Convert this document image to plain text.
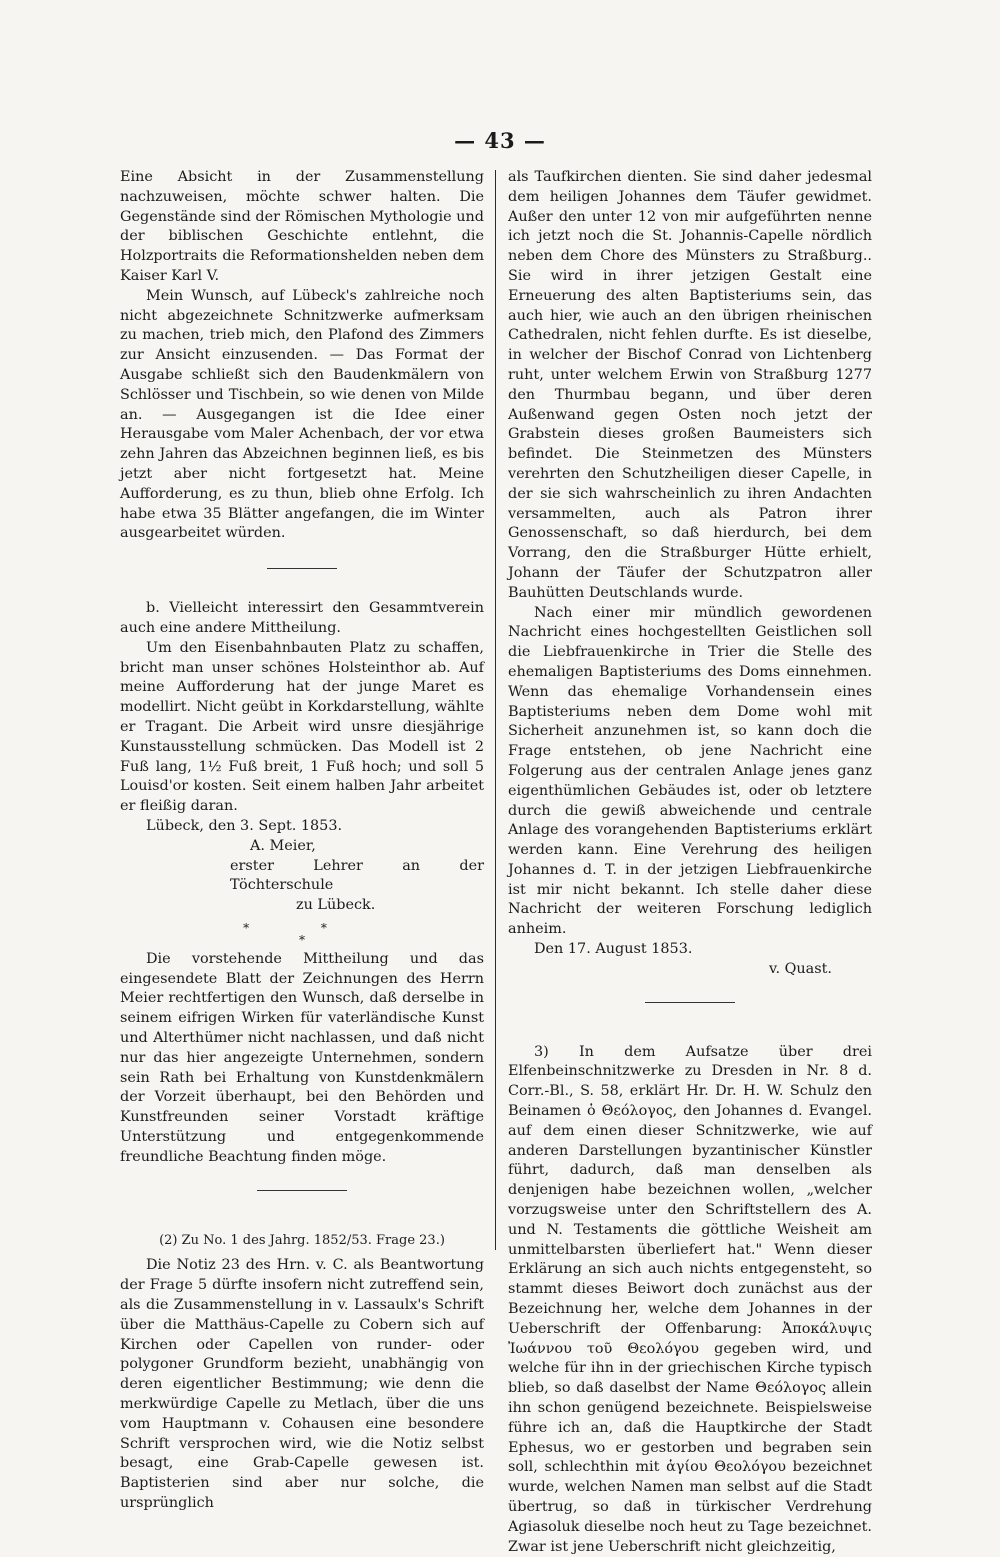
— 43 —

Eine Absicht in der Zusammenstellung nachzuweisen, möchte schwer halten. Die Gegenstände sind der Römischen Mythologie und der biblischen Geschichte entlehnt, die Holzportraits die Reformationshelden neben dem Kaiser Karl V.

Mein Wunsch, auf Lübeck's zahlreiche noch nicht abgezeichnete Schnitzwerke aufmerksam zu machen, trieb mich, den Plafond des Zimmers zur Ansicht einzusenden. — Das Format der Ausgabe schließt sich den Baudenkmälern von Schlösser und Tischbein, so wie denen von Milde an. — Ausgegangen ist die Idee einer Herausgabe vom Maler Achenbach, der vor etwa zehn Jahren das Abzeichnen beginnen ließ, es bis jetzt aber nicht fortgesetzt hat. Meine Aufforderung, es zu thun, blieb ohne Erfolg. Ich habe etwa 35 Blätter angefangen, die im Winter ausgearbeitet würden.

b. Vielleicht interessirt den Gesammtverein auch eine andere Mittheilung.

Um den Eisenbahnbauten Platz zu schaffen, bricht man unser schönes Holsteinthor ab. Auf meine Aufforderung hat der junge Maret es modellirt. Nicht geübt in Korkdarstellung, wählte er Tragant. Die Arbeit wird unsre diesjährige Kunstausstellung schmücken. Das Modell ist 2 Fuß lang, 1½ Fuß breit, 1 Fuß hoch; und soll 5 Louisd'or kosten. Seit einem halben Jahr arbeitet er fleißig daran.

Lübeck, den 3. Sept. 1853.

A. Meier,

erster Lehrer an der Töchterschule

zu Lübeck.

* *
*

Die vorstehende Mittheilung und das eingesendete Blatt der Zeichnungen des Herrn Meier rechtfertigen den Wunsch, daß derselbe in seinem eifrigen Wirken für vaterländische Kunst und Alterthümer nicht nachlassen, und daß nicht nur das hier angezeigte Unternehmen, sondern sein Rath bei Erhaltung von Kunstdenkmälern der Vorzeit überhaupt, bei den Behörden und Kunstfreunden seiner Vorstadt kräftige Unterstützung und entgegenkommende freundliche Beachtung finden möge.

(2) Zu No. 1 des Jahrg. 1852/53. Frage 23.)

Die Notiz 23 des Hrn. v. C. als Beantwortung der Frage 5 dürfte insofern nicht zutreffend sein, als die Zusammenstellung in v. Lassaulx's Schrift über die Matthäus-Capelle zu Cobern sich auf Kirchen oder Capellen von runder- oder polygoner Grundform bezieht, unabhängig von deren eigentlicher Bestimmung; wie denn die merkwürdige Capelle zu Metlach, über die uns vom Hauptmann v. Cohausen eine besondere Schrift versprochen wird, wie die Notiz selbst besagt, eine Grab-Capelle gewesen ist. Baptisterien sind aber nur solche, die ursprünglich

als Taufkirchen dienten. Sie sind daher jedesmal dem heiligen Johannes dem Täufer gewidmet. Außer den unter 12 von mir aufgeführten nenne ich jetzt noch die St. Johannis-Capelle nördlich neben dem Chore des Münsters zu Straßburg.. Sie wird in ihrer jetzigen Gestalt eine Erneuerung des alten Baptisteriums sein, das auch hier, wie auch an den übrigen rheinischen Cathedralen, nicht fehlen durfte. Es ist dieselbe, in welcher der Bischof Conrad von Lichtenberg ruht, unter welchem Erwin von Straßburg 1277 den Thurmbau begann, und über deren Außenwand gegen Osten noch jetzt der Grabstein dieses großen Baumeisters sich befindet. Die Steinmetzen des Münsters verehrten den Schutzheiligen dieser Capelle, in der sie sich wahrscheinlich zu ihren Andachten versammelten, auch als Patron ihrer Genossenschaft, so daß hierdurch, bei dem Vorrang, den die Straßburger Hütte erhielt, Johann der Täufer der Schutzpatron aller Bauhütten Deutschlands wurde.

Nach einer mir mündlich gewordenen Nachricht eines hochgestellten Geistlichen soll die Liebfrauenkirche in Trier die Stelle des ehemaligen Baptisteriums des Doms einnehmen. Wenn das ehemalige Vorhandensein eines Baptisteriums neben dem Dome wohl mit Sicherheit anzunehmen ist, so kann doch die Frage entstehen, ob jene Nachricht eine Folgerung aus der centralen Anlage jenes ganz eigenthümlichen Gebäudes ist, oder ob letztere durch die gewiß abweichende und centrale Anlage des vorangehenden Baptisteriums erklärt werden kann. Eine Verehrung des heiligen Johannes d. T. in der jetzigen Liebfrauenkirche ist mir nicht bekannt. Ich stelle daher diese Nachricht der weiteren Forschung lediglich anheim.

Den 17. August 1853.

v. Quast.

3) In dem Aufsatze über drei Elfenbeinschnitzwerke zu Dresden in Nr. 8 d. Corr.-Bl., S. 58, erklärt Hr. Dr. H. W. Schulz den Beinamen ὁ Θεόλογος, den Johannes d. Evangel. auf dem einen dieser Schnitzwerke, wie auf anderen Darstellungen byzantinischer Künstler führt, dadurch, daß man denselben als denjenigen habe bezeichnen wollen, „welcher vorzugsweise unter den Schriftstellern des A. und N. Testaments die göttliche Weisheit am unmittelbarsten überliefert hat." Wenn dieser Erklärung an sich auch nichts entgegensteht, so stammt dieses Beiwort doch zunächst aus der Bezeichnung her, welche dem Johannes in der Ueberschrift der Offenbarung: Ἀποκάλυψις Ἰωάννου τοῦ Θεολόγου gegeben wird, und welche für ihn in der griechischen Kirche typisch blieb, so daß daselbst der Name Θεόλογος allein ihn schon genügend bezeichnete. Beispielsweise führe ich an, daß die Hauptkirche der Stadt Ephesus, wo er gestorben und begraben sein soll, schlechthin mit ἁγίου Θεολόγου bezeichnet wurde, welchen Namen man selbst auf die Stadt übertrug, so daß in türkischer Verdrehung Agiasoluk dieselbe noch heut zu Tage bezeichnet. Zwar ist jene Ueberschrift nicht gleichzeitig,
